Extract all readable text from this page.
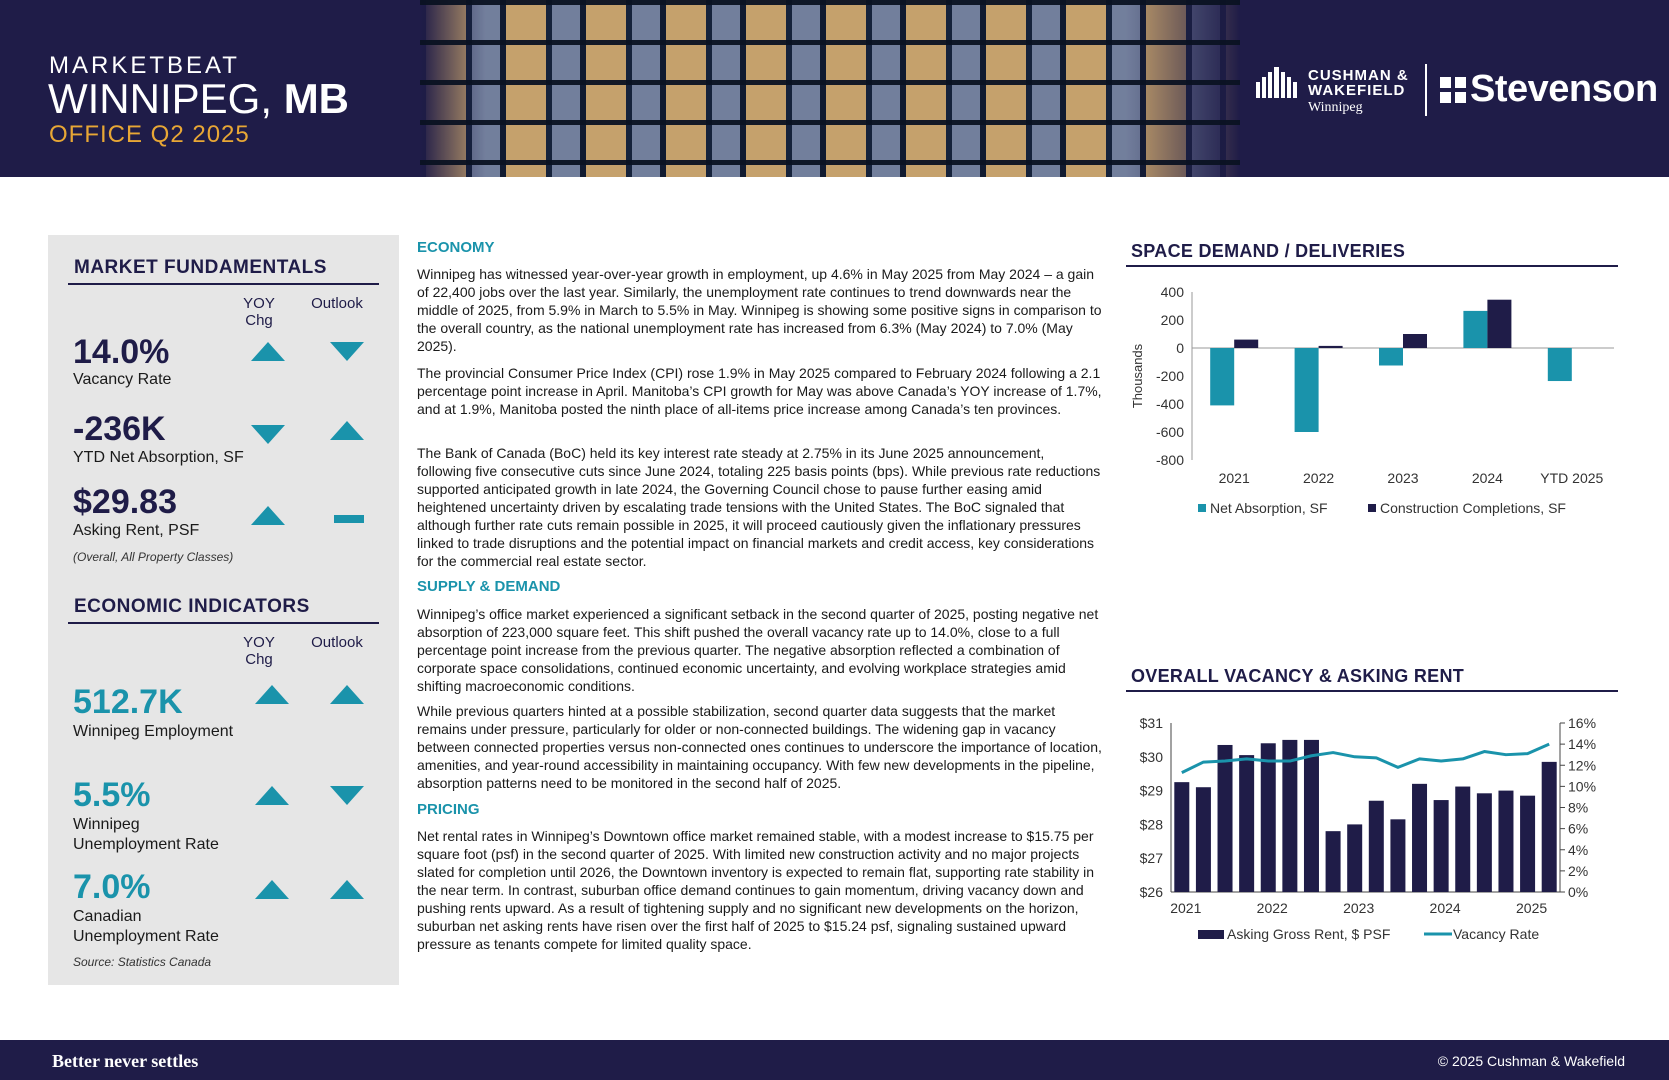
MARKETBEAT
WINNIPEG, MB
OFFICE Q2 2025
CUSHMAN &
WAKEFIELD
Winnipeg	Stevenson
MARKET FUNDAMENTALS
YOY
Chg
Outlook
14.0%
Vacancy Rate
-236K
YTD Net Absorption, SF
$29.83
Asking Rent, PSF
(Overall, All Property Classes)
ECONOMIC INDICATORS
YOY
Chg
Outlook
512.7K
Winnipeg Employment
5.5%
Winnipeg
Unemployment Rate
7.0%
Canadian
Unemployment Rate
Source: Statistics Canada
ECONOMY

Winnipeg has witnessed year-over-year growth in employment, up 4.6% in May 2025 from May 2024 – a gain of 22,400 jobs over the last year. Similarly, the unemployment rate continues to trend downwards near the middle of 2025, from 5.9% in March to 5.5% in May. Winnipeg is showing some positive signs in comparison to the overall country, as the national unemployment rate has increased from 6.3% (May 2024) to 7.0% (May 2025).

The provincial Consumer Price Index (CPI) rose 1.9% in May 2025 compared to February 2024 following a 2.1 percentage point increase in April. Manitoba’s CPI growth for May was above Canada’s YOY increase of 1.7%, and at 1.9%, Manitoba posted the ninth place of all-items price increase among Canada’s ten provinces.

The Bank of Canada (BoC) held its key interest rate steady at 2.75% in its June 2025 announcement, following five consecutive cuts since June 2024, totaling 225 basis points (bps). While previous rate reductions supported anticipated growth in late 2024, the Governing Council chose to pause further easing amid heightened uncertainty driven by escalating trade tensions with the United States. The BoC signaled that although further rate cuts remain possible in 2025, it will proceed cautiously given the inflationary pressures linked to trade disruptions and the potential impact on financial markets and credit access, key considerations for the commercial real estate sector.

SUPPLY & DEMAND

Winnipeg’s office market experienced a significant setback in the second quarter of 2025, posting negative net absorption of 223,000 square feet. This shift pushed the overall vacancy rate up to 14.0%, close to a full percentage point increase from the previous quarter. The negative absorption reflected a combination of corporate space consolidations, continued economic uncertainty, and evolving workplace strategies amid shifting macroeconomic conditions.

While previous quarters hinted at a possible stabilization, second quarter data suggests that the market remains under pressure, particularly for older or non-connected buildings. The widening gap in vacancy between connected properties versus non-connected ones continues to underscore the importance of location, amenities, and year-round accessibility in maintaining occupancy. With few new developments in the pipeline, absorption patterns need to be monitored in the second half of 2025.

PRICING

Net rental rates in Winnipeg’s Downtown office market remained stable, with a modest increase to $15.75 per square foot (psf) in the second quarter of 2025. With limited new construction activity and no major projects slated for completion until 2026, the Downtown inventory is expected to remain flat, supporting rate stability in the near term. In contrast, suburban office demand continues to gain momentum, driving vacancy down and pushing rents upward. As a result of tightening supply and no significant new developments on the horizon, suburban net asking rents have risen over the first half of 2025 to $15.24 psf, signaling sustained upward pressure as tenants compete for limited quality space.

SPACE DEMAND / DELIVERIES
Thousands
400
200
0
-200
-400
-600
-800
2021	2022	2023	2024	YTD 2025
Net Absorption, SF	Construction Completions, SF
OVERALL VACANCY & ASKING RENT
$31
$30
$29
$28
$27
$26
16%
14%
12%
10%
8%
6%
4%
2%
0%
2021	2022	2023	2024	2025
Asking Gross Rent, $ PSF	Vacancy Rate
Better never settles	© 2025 Cushman & Wakefield
